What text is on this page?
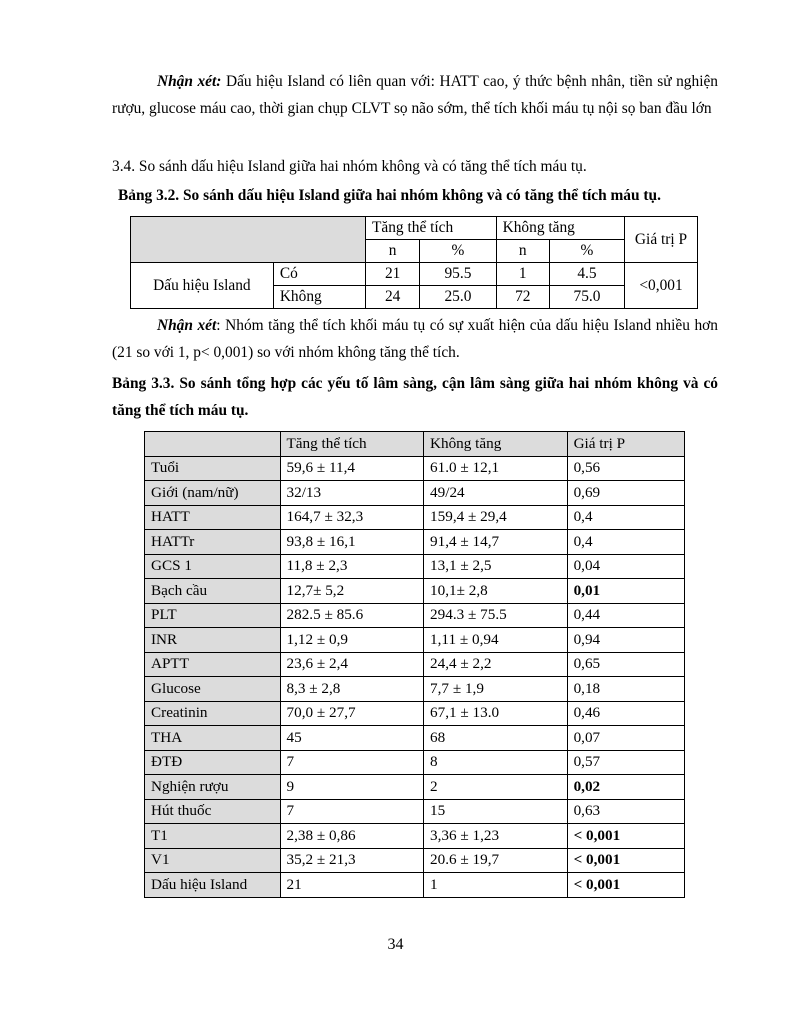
Nhận xét: Dấu hiệu Island có liên quan với: HATT cao, ý thức bệnh nhân, tiền sử nghiện rượu, glucose máu cao, thời gian chụp CLVT sọ não sớm, thể tích khối máu tụ nội sọ ban đầu lớn
3.4. So sánh dấu hiệu Island giữa hai nhóm không và có tăng thể tích máu tụ.
Bảng 3.2. So sánh dấu hiệu Island giữa hai nhóm không và có tăng thể tích máu tụ.
		Tăng thể tích		Không tăng		Giá trị P
		n	%	n	%	
Dấu hiệu Island	Có	21	95.5	1	4.5	<0,001
	Không	24	25.0	72	75.0	
Nhận xét: Nhóm tăng thể tích khối máu tụ có sự xuất hiện của dấu hiệu Island nhiều hơn (21 so với 1, p< 0,001) so với nhóm không tăng thể tích.
Bảng 3.3. So sánh tổng hợp các yếu tố lâm sàng, cận lâm sàng giữa hai nhóm không và có tăng thể tích máu tụ.
	Tăng thể tích	Không tăng	Giá trị P
Tuổi	59,6 ± 11,4	61.0 ± 12,1	0,56
Giới (nam/nữ)	32/13	49/24	0,69
HATT	164,7 ± 32,3	159,4 ± 29,4	0,4
HATTr	93,8 ± 16,1	91,4 ± 14,7	0,4
GCS 1	11,8 ± 2,3	13,1 ± 2,5	0,04
Bạch cầu	12,7± 5,2	10,1± 2,8	0,01
PLT	282.5 ± 85.6	294.3 ± 75.5	0,44
INR	1,12 ± 0,9	1,11 ± 0,94	0,94
APTT	23,6 ± 2,4	24,4 ± 2,2	0,65
Glucose	8,3 ± 2,8	7,7 ± 1,9	0,18
Creatinin	70,0 ± 27,7	67,1 ± 13.0	0,46
THA	45	68	0,07
ĐTĐ	7	8	0,57
Nghiện rượu	9	2	0,02
Hút thuốc	7	15	0,63
T1	2,38 ± 0,86	3,36 ± 1,23	< 0,001
V1	35,2 ± 21,3	20.6 ± 19,7	< 0,001
Dấu hiệu Island	21	1	< 0,001
34
